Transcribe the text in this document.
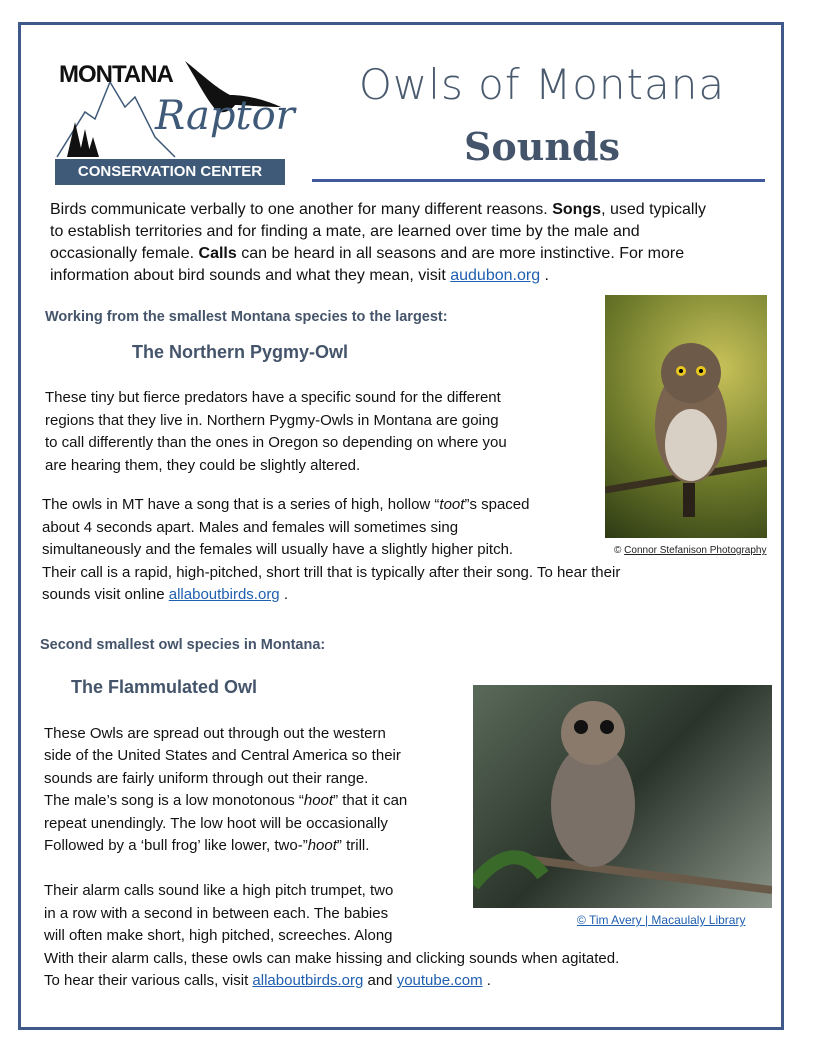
MONTANA
Raptor
CONSERVATION CENTER
Owls of Montana
Sounds
Birds communicate verbally to one another for many different reasons. Songs, used typically
to establish territories and for finding a mate, are learned over time by the male and
occasionally female. Calls can be heard in all seasons and are more instinctive. For more
information about bird sounds and what they mean, visit audubon.org .
Working from the smallest Montana species to the largest:
The Northern Pygmy-Owl
These tiny but fierce predators have a specific sound for the different
regions that they live in. Northern Pygmy-Owls in Montana are going
to call differently than the ones in Oregon so depending on where you
are hearing them, they could be slightly altered.
The owls in MT have a song that is a series of high, hollow “toot”s spaced
about 4 seconds apart. Males and females will sometimes sing
simultaneously and the females will usually have a slightly higher pitch.
Their call is a rapid, high-pitched, short trill that is typically after their song. To hear their
sounds visit online allaboutbirds.org .
© Connor Stefanison Photography
Second smallest owl species in Montana:
The Flammulated Owl
These Owls are spread out through out the western
side of the United States and Central America so their
sounds are fairly uniform through out their range.
The male’s song is a low monotonous “hoot” that it can
repeat unendingly. The low hoot will be occasionally
Followed by a ‘bull frog’ like lower, two-”hoot” trill.
Their alarm calls sound like a high pitch trumpet, two
in a row with a second in between each. The babies
will often make short, high pitched, screeches. Along
With their alarm calls, these owls can make hissing and clicking sounds when agitated.
To hear their various calls, visit allaboutbirds.org and youtube.com .
© Tim Avery | Macaulaly Library
